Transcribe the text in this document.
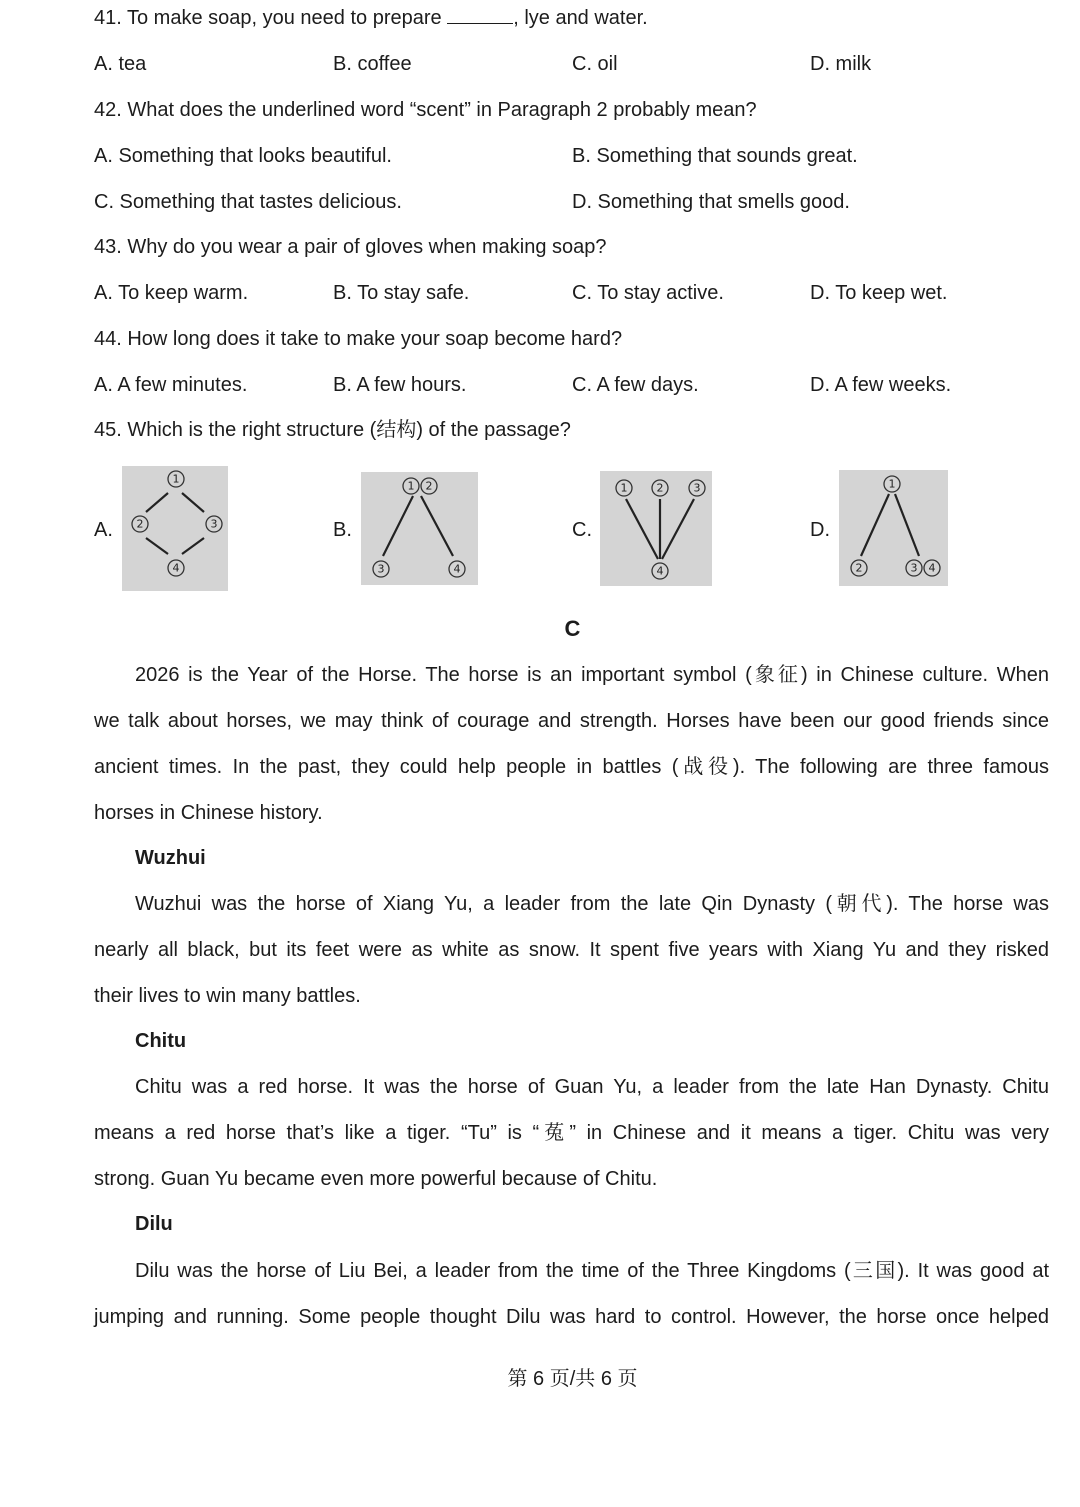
41. To make soap, you need to prepare	, lye and water.
A. tea	B. coffee	C. oil	D. milk
42. What does the underlined word “scent” in Paragraph 2 probably mean?
A. Something that looks beautiful.	B. Something that sounds great.
C. Something that tastes delicious.	D. Something that smells good.
43. Why do you wear a pair of gloves when making soap?
A. To keep warm.	B. To stay safe.	C. To stay active.	D. To keep wet.
44. How long does it take to make your soap become hard?
A. A few minutes.	B. A few hours.	C. A few days.	D. A few weeks.
45. Which is the right structure (结构) of the passage?
A.
1
2	3
4
B.
1 2
3	4
C.
1	2	3
4
D.
1
2	3 4
C
2026 is the Year of the Horse. The horse is an important symbol (象征) in Chinese culture. When
we talk about horses, we may think of courage and strength. Horses have been our good friends since
ancient times. In the past, they could help people in battles (战役). The following are three famous
horses in Chinese history.
Wuzhui
Wuzhui was the horse of Xiang Yu, a leader from the late Qin Dynasty (朝代). The horse was
nearly all black, but its feet were as white as snow. It spent five years with Xiang Yu and they risked
their lives to win many battles.
Chitu
Chitu was a red horse. It was the horse of Guan Yu, a leader from the late Han Dynasty. Chitu
means a red horse that’s like a tiger. “Tu” is “菟” in Chinese and it means a tiger. Chitu was very
strong. Guan Yu became even more powerful because of Chitu.
Dilu
Dilu was the horse of Liu Bei, a leader from the time of the Three Kingdoms (三国). It was good at
jumping and running. Some people thought Dilu was hard to control. However, the horse once helped
第 6 页/共 6 页
